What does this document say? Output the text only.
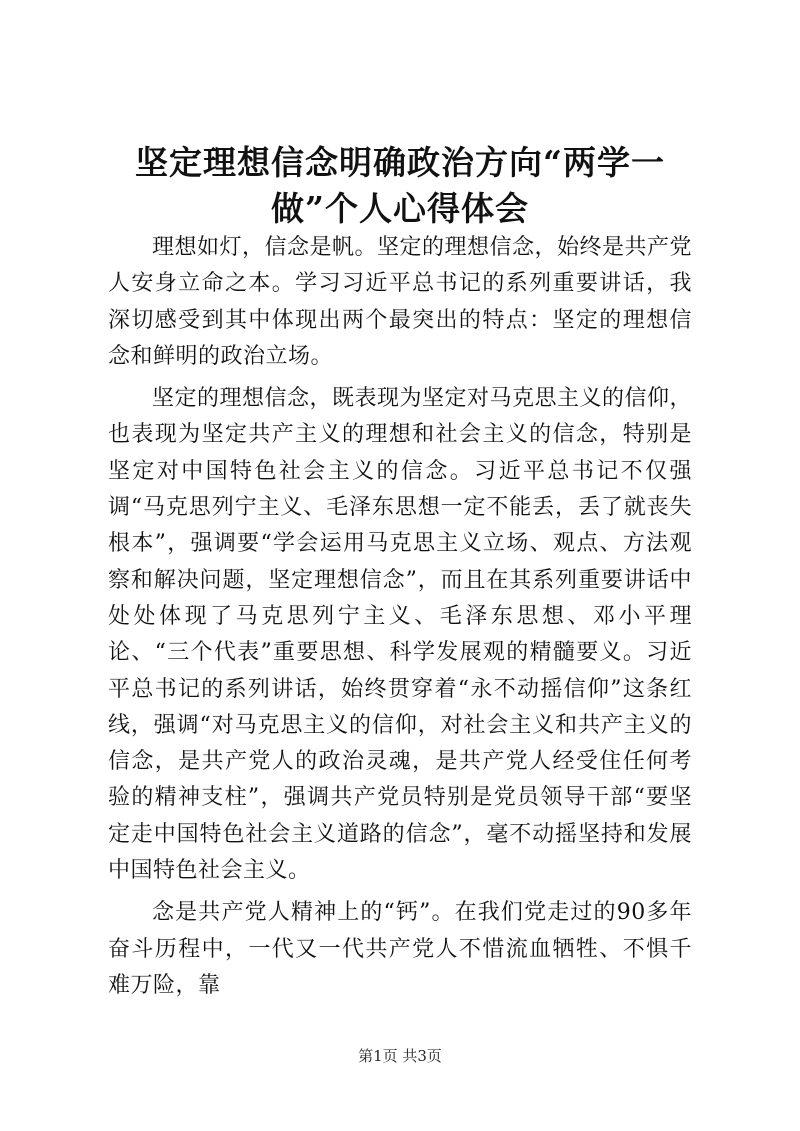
坚定理想信念明确政治方向“两学一做”个人心得体会

理想如灯，信念是帆。坚定的理想信念，始终是共产党人安身立命之本。学习习近平总书记的系列重要讲话，我深切感受到其中体现出两个最突出的特点：坚定的理想信念和鲜明的政治立场。

坚定的理想信念，既表现为坚定对马克思主义的信仰，也表现为坚定共产主义的理想和社会主义的信念，特别是坚定对中国特色社会主义的信念。习近平总书记不仅强调“马克思列宁主义、毛泽东思想一定不能丢，丢了就丧失根本”，强调要“学会运用马克思主义立场、观点、方法观察和解决问题，坚定理想信念”，而且在其系列重要讲话中处处体现了马克思列宁主义、毛泽东思想、邓小平理论、“三个代表”重要思想、科学发展观的精髓要义。习近平总书记的系列讲话，始终贯穿着“永不动摇信仰”这条红线，强调“对马克思主义的信仰，对社会主义和共产主义的信念，是共产党人的政治灵魂，是共产党人经受住任何考验的精神支柱”，强调共产党员特别是党员领导干部“要坚定走中国特色社会主义道路的信念”，毫不动摇坚持和发展中国特色社会主义。

念是共产党人精神上的“钙”。在我们党走过的90多年奋斗历程中，一代又一代共产党人不惜流血牺牲、不惧千难万险，靠

第1页 共3页
